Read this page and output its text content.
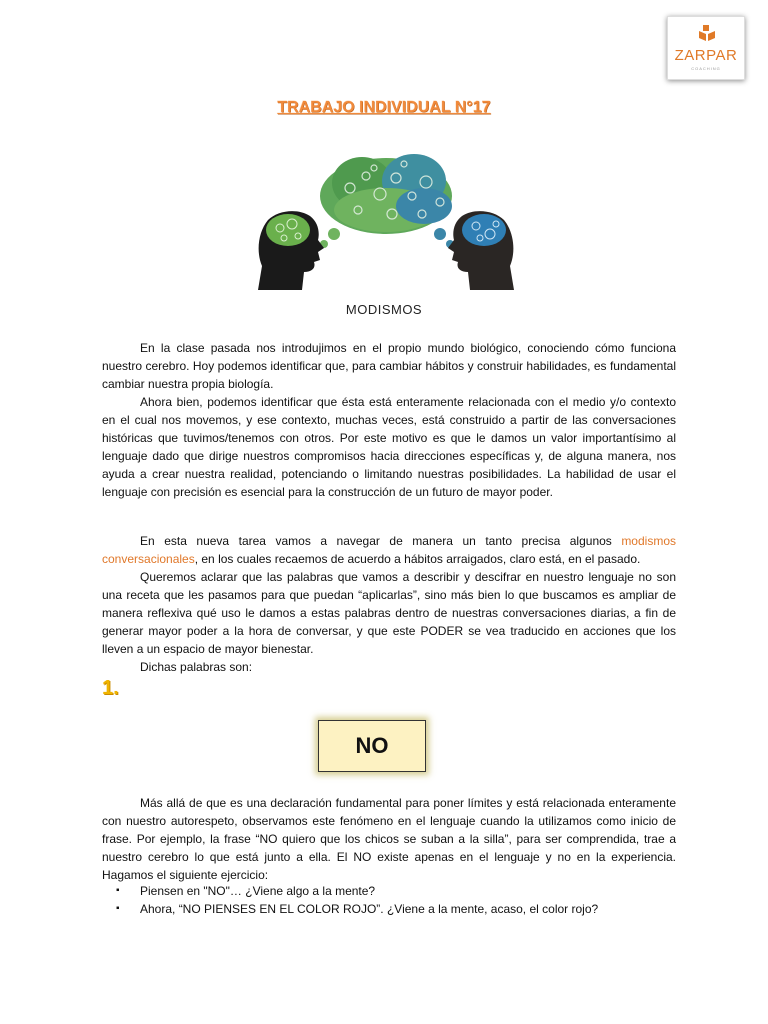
ZARPAR
COACHING
TRABAJO INDIVIDUAL N°17
MODISMOS

En la clase pasada nos introdujimos en el propio mundo biológico, conociendo cómo funciona nuestro cerebro. Hoy podemos identificar que, para cambiar hábitos y construir habilidades, es fundamental cambiar nuestra propia biología.

Ahora bien, podemos identificar que ésta está enteramente relacionada con el medio y/o contexto en el cual nos movemos, y ese contexto, muchas veces, está construido a partir de las conversaciones históricas que tuvimos/tenemos con otros. Por este motivo es que le damos un valor importantísimo al lenguaje dado que dirige nuestros compromisos hacia direcciones específicas y, de alguna manera, nos ayuda a crear nuestra realidad, potenciando o limitando nuestras posibilidades. La habilidad de usar el lenguaje con precisión es esencial para la construcción de un futuro de mayor poder.

En esta nueva tarea vamos a navegar de manera un tanto precisa algunos modismos conversacionales, en los cuales recaemos de acuerdo a hábitos arraigados, claro está, en el pasado.

Queremos aclarar que las palabras que vamos a describir y descifrar en nuestro lenguaje no son una receta que les pasamos para que puedan “aplicarlas”, sino más bien lo que buscamos es ampliar de manera reflexiva qué uso le damos a estas palabras dentro de nuestras conversaciones diarias, a fin de generar mayor poder a la hora de conversar, y que este PODER se vea traducido en acciones que los lleven a un espacio de mayor bienestar.

Dichas palabras son:

1.
NO

Más allá de que es una declaración fundamental para poner límites y está relacionada enteramente con nuestro autorespeto, observamos este fenómeno en el lenguaje cuando la utilizamos como inicio de frase. Por ejemplo, la frase “NO quiero que los chicos se suban a la silla”, para ser comprendida, trae a nuestro cerebro lo que está junto a ella. El NO existe apenas en el lenguaje y no en la experiencia. Hagamos el siguiente ejercicio:

▪ Piensen en "NO"… ¿Viene algo a la mente?
▪ Ahora, “NO PIENSES EN EL COLOR ROJO”. ¿Viene a la mente, acaso, el color rojo?
